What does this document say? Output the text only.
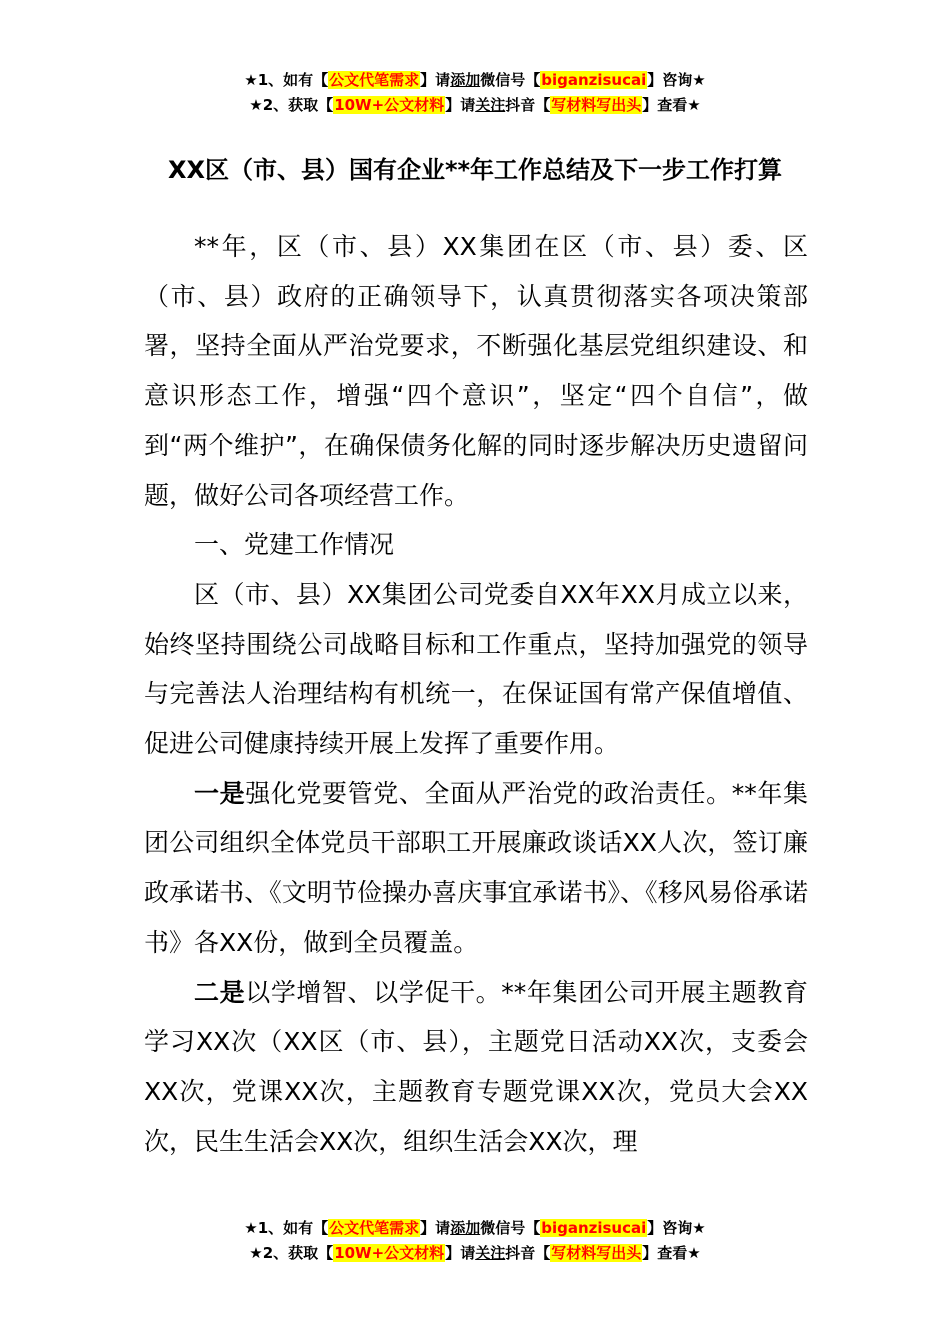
★1、如有【公文代笔需求】请添加微信号【biganzisucai】咨询★
★2、获取【10W+公文材料】请关注抖音【写材料写出头】查看★
XX区（市、县）国有企业**年工作总结及下一步工作打算

**年，区（市、县）XX集团在区（市、县）委、区（市、县）政府的正确领导下，认真贯彻落实各项决策部署，坚持全面从严治党要求，不断强化基层党组织建设、和意识形态工作，增强“四个意识”，坚定“四个自信”，做到“两个维护”，在确保债务化解的同时逐步解决历史遗留问题，做好公司各项经营工作。

一、党建工作情况

区（市、县）XX集团公司党委自XX年XX月成立以来，始终坚持围绕公司战略目标和工作重点，坚持加强党的领导与完善法人治理结构有机统一，在保证国有常产保值增值、促进公司健康持续开展上发挥了重要作用。

一是强化党要管党、全面从严治党的政治责任。**年集团公司组织全体党员干部职工开展廉政谈话XX人次，签订廉政承诺书、《文明节俭操办喜庆事宜承诺书》、《移风易俗承诺书》各XX份，做到全员覆盖。

二是以学增智、以学促干。**年集团公司开展主题教育学习XX次（XX区（市、县），主题党日活动XX次，支委会XX次，党课XX次，主题教育专题党课XX次，党员大会XX次，民生生活会XX次，组织生活会XX次，理

★1、如有【公文代笔需求】请添加微信号【biganzisucai】咨询★
★2、获取【10W+公文材料】请关注抖音【写材料写出头】查看★
